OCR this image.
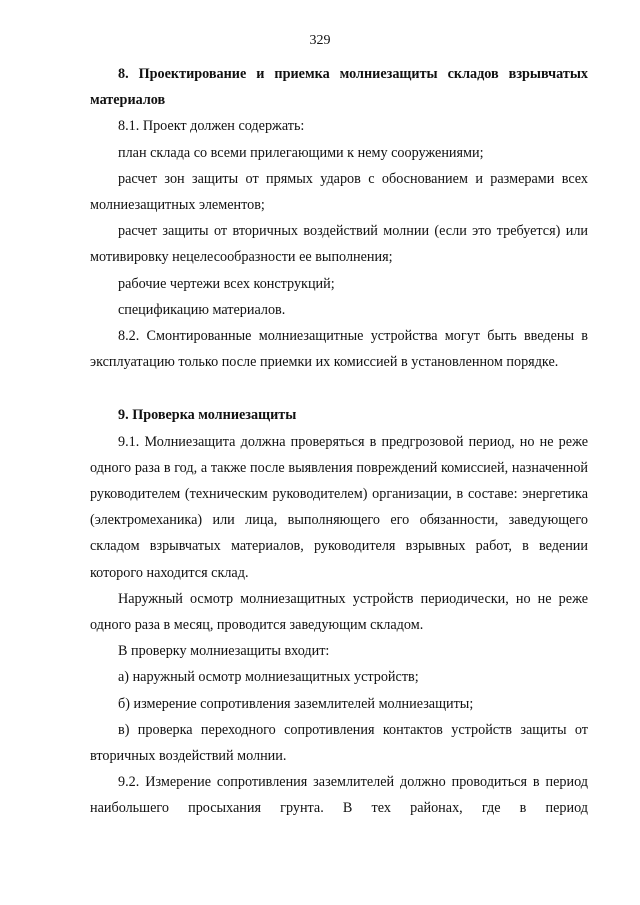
329
8. Проектирование и приемка молниезащиты складов взрывчатых материалов

8.1. Проект должен содержать:

план склада со всеми прилегающими к нему сооружениями;

расчет зон защиты от прямых ударов с обоснованием и размерами всех молниезащитных элементов;

расчет защиты от вторичных воздействий молнии (если это требуется) или мотивировку нецелесообразности ее выполнения;

рабочие чертежи всех конструкций;

спецификацию материалов.

8.2. Смонтированные молниезащитные устройства могут быть введены в эксплуатацию только после приемки их комиссией в установленном порядке.

9. Проверка молниезащиты

9.1. Молниезащита должна проверяться в предгрозовой период, но не реже одного раза в год, а также после выявления повреждений комиссией, назначенной руководителем (техническим руководителем) организации, в составе: энергетика (электромеханика) или лица, выполняющего его обязанности, заведующего складом взрывчатых материалов, руководителя взрывных работ, в ведении которого находится склад.

Наружный осмотр молниезащитных устройств периодически, но не реже одного раза в месяц, проводится заведующим складом.

В проверку молниезащиты входит:

а) наружный осмотр молниезащитных устройств;

б) измерение сопротивления заземлителей молниезащиты;

в) проверка переходного сопротивления контактов устройств защиты от вторичных воздействий молнии.

9.2. Измерение сопротивления заземлителей должно проводиться в период наибольшего просыхания грунта. В тех районах, где в период
